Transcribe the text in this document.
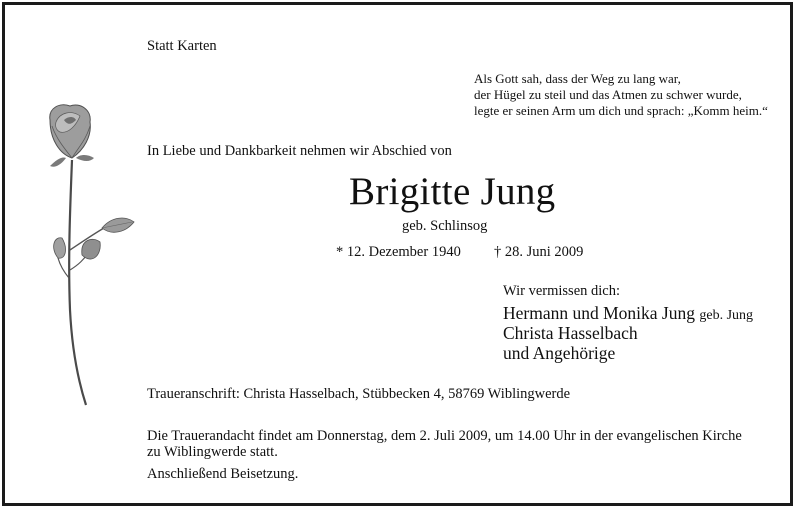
Statt Karten
Als Gott sah, dass der Weg zu lang war,
der Hügel zu steil und das Atmen zu schwer wurde,
legte er seinen Arm um dich und sprach: „Komm heim.“
In Liebe und Dankbarkeit nehmen wir Abschied von
Brigitte Jung
geb. Schlinsog
* 12. Dezember 1940 † 28. Juni 2009
Wir vermissen dich:
Hermann und Monika Jung geb. Jung
Christa Hasselbach
und Angehörige
Traueranschrift: Christa Hasselbach, Stübbecken 4, 58769 Wiblingwerde
Die Trauerandacht findet am Donnerstag, dem 2. Juli 2009, um 14.00 Uhr in der evangelischen Kirche
zu Wiblingwerde statt.
Anschließend Beisetzung.
